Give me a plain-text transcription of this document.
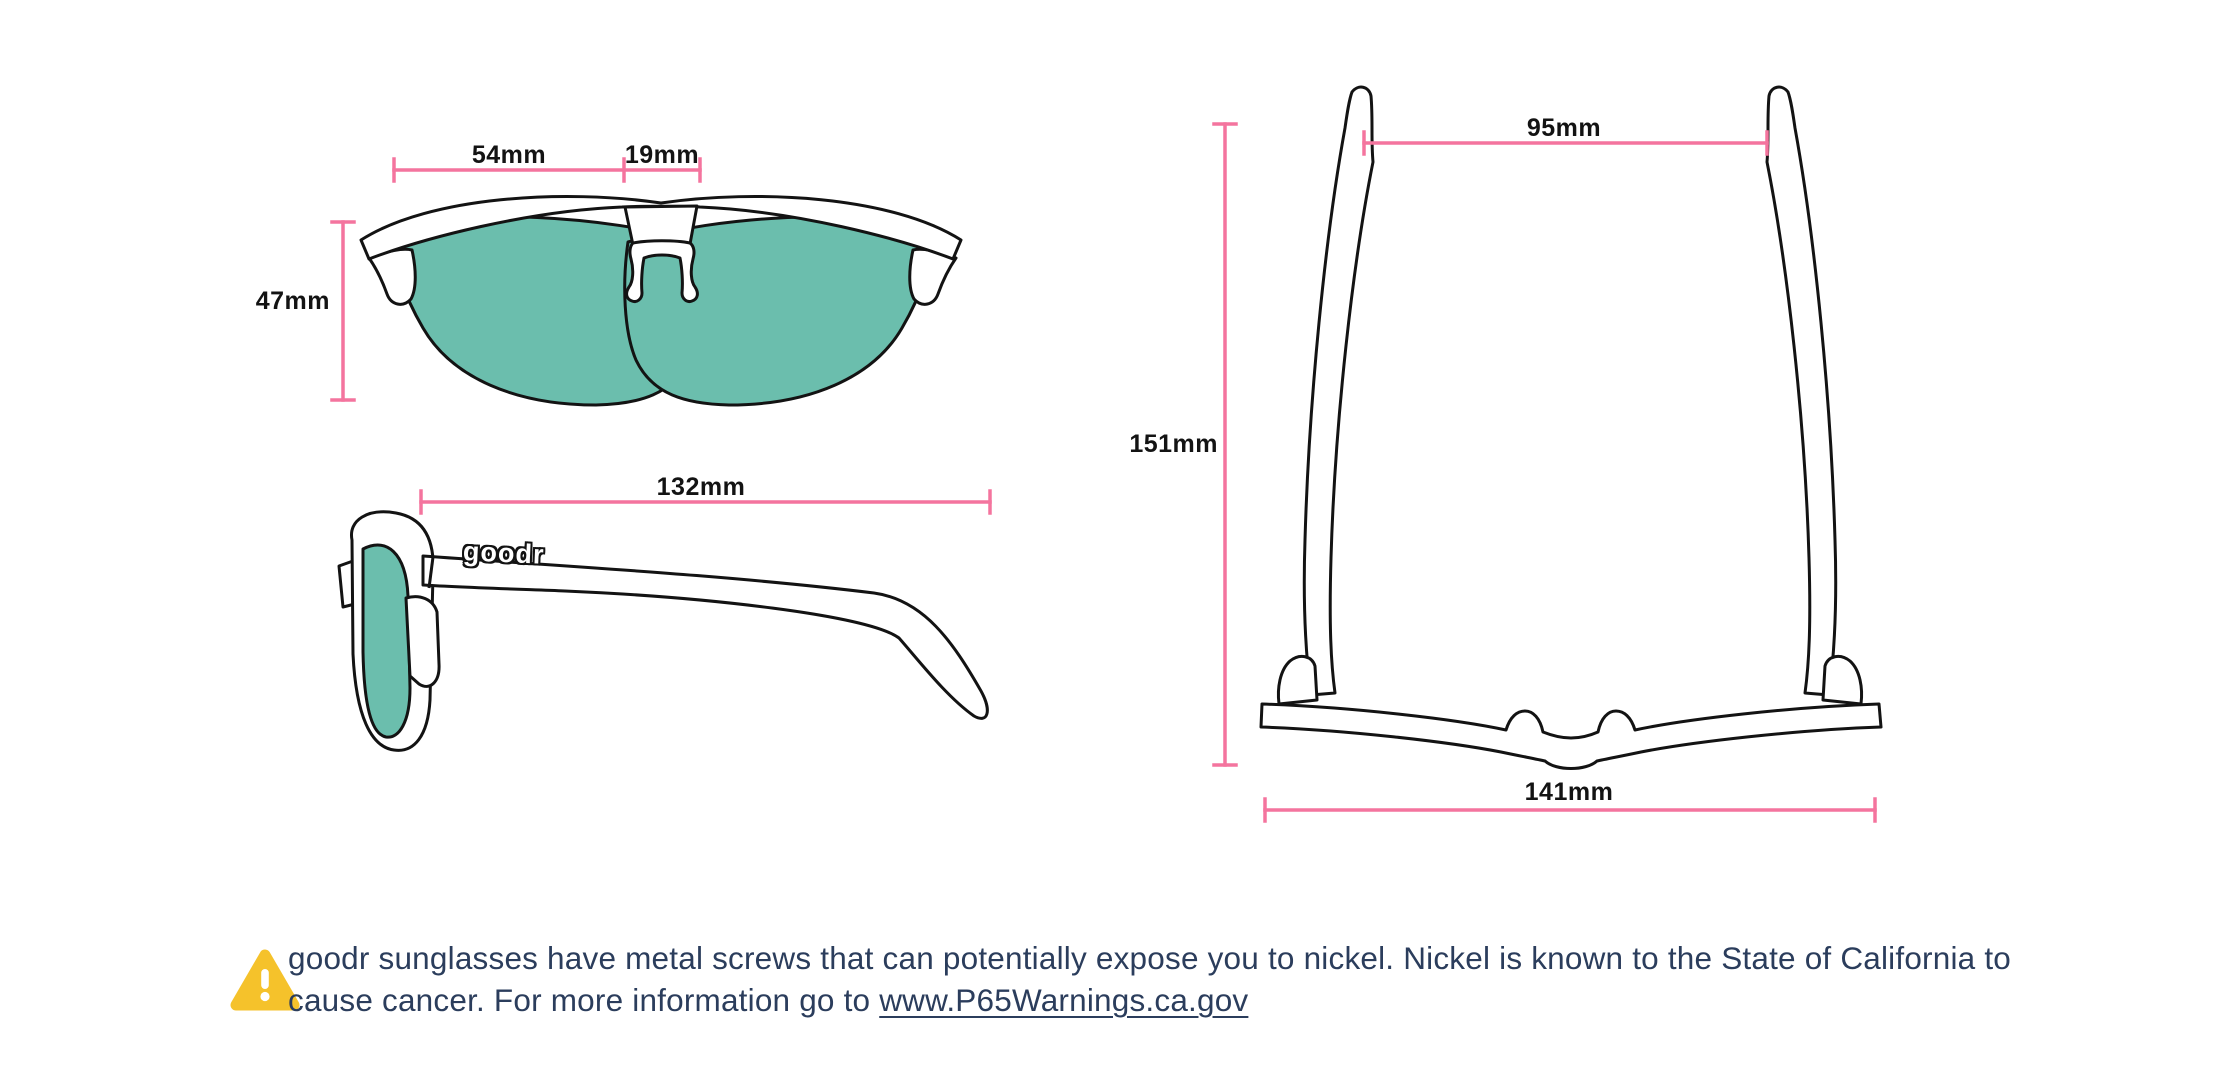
54mm	19mm
47mm
132mm
95mm
151mm
141mm
goodr
goodr sunglasses have metal screws that can potentially expose you to nickel. Nickel is known to the State of California to
cause cancer. For more information go to www.P65Warnings.ca.gov
